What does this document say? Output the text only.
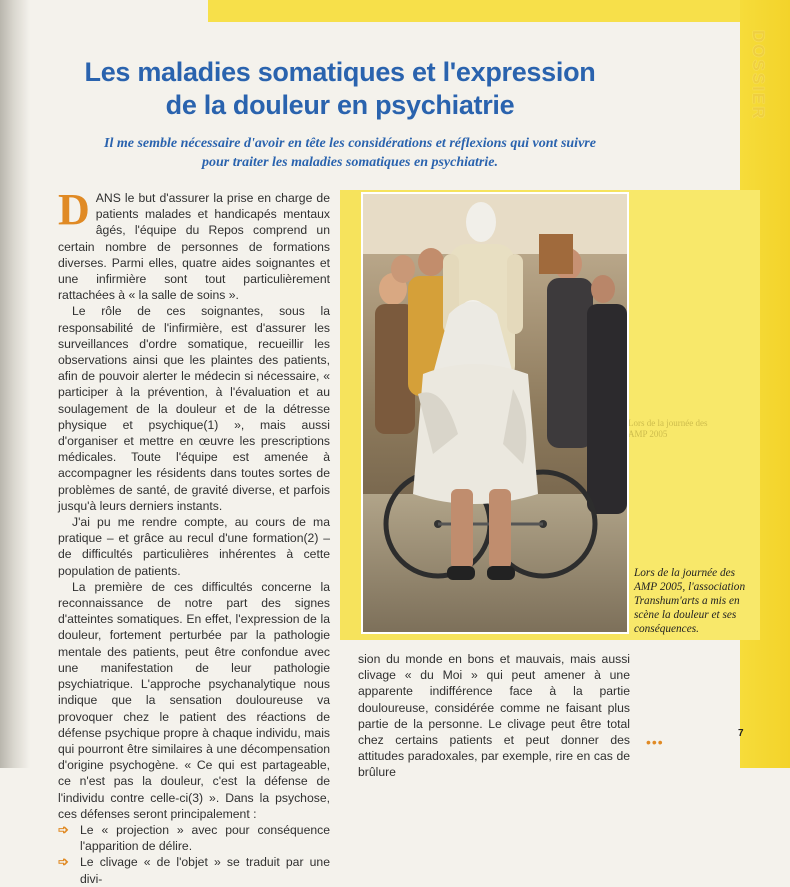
Lors de la journée des AMP 2005
DOSSIER
Les maladies somatiques et l'expression
de la douleur en psychiatrie

Il me semble nécessaire d'avoir en tête les considérations et réflexions qui vont suivre
pour traiter les maladies somatiques en psychiatrie.

DANS le but d'assurer la prise en charge de patients malades et handicapés mentaux âgés, l'équipe du Repos comprend un certain nombre de personnes de formations diverses. Parmi elles, quatre aides soignantes et une infirmière sont tout particulièrement rattachées à « la salle de soins ».

Le rôle de ces soignantes, sous la responsabilité de l'infirmière, est d'assurer les surveillances d'ordre somatique, recueillir les observations ainsi que les plaintes des patients, afin de pouvoir alerter le médecin si nécessaire, « participer à la prévention, à l'évaluation et au soulagement de la douleur et de la détresse physique et psychique(1) », mais aussi d'organiser et mettre en œuvre les prescriptions médicales. Toute l'équipe est amenée à accompagner les résidents dans toutes sortes de problèmes de santé, de gravité diverse, et parfois jusqu'à leurs derniers instants.

J'ai pu me rendre compte, au cours de ma pratique – et grâce au recul d'une formation(2) – de difficultés particulières inhérentes à cette population de patients.

La première de ces difficultés concerne la reconnaissance de notre part des signes d'atteintes somatiques. En effet, l'expression de la douleur, fortement perturbée par la pathologie mentale des patients, peut être confondue avec une manifestation de leur pathologie psychiatrique. L'approche psychanalytique nous indique que la sensation douloureuse va provoquer chez le patient des réactions de défense psychique propre à chaque individu, mais qui pourront être similaires à une décompensation d'origine psychogène. « Ce qui est partageable, ce n'est pas la douleur, c'est la défense de l'individu contre celle-ci(3) ». Dans la psychose, ces défenses seront principalement :

➩ Le « projection » avec pour conséquence l'apparition de délire.
➩ Le clivage « de l'objet » se traduit par une divi-

sion du monde en bons et mauvais, mais aussi clivage « du Moi » qui peut amener à une apparente indifférence face à la partie douloureuse, considérée comme ne faisant plus partie de la personne. Le clivage peut être total chez certains patients et peut donner des attitudes paradoxales, par exemple, rire en cas de brûlure

Lors de la journée des AMP 2005, l'association Transhum'arts a mis en scène la douleur et ses conséquences.
•••
7
